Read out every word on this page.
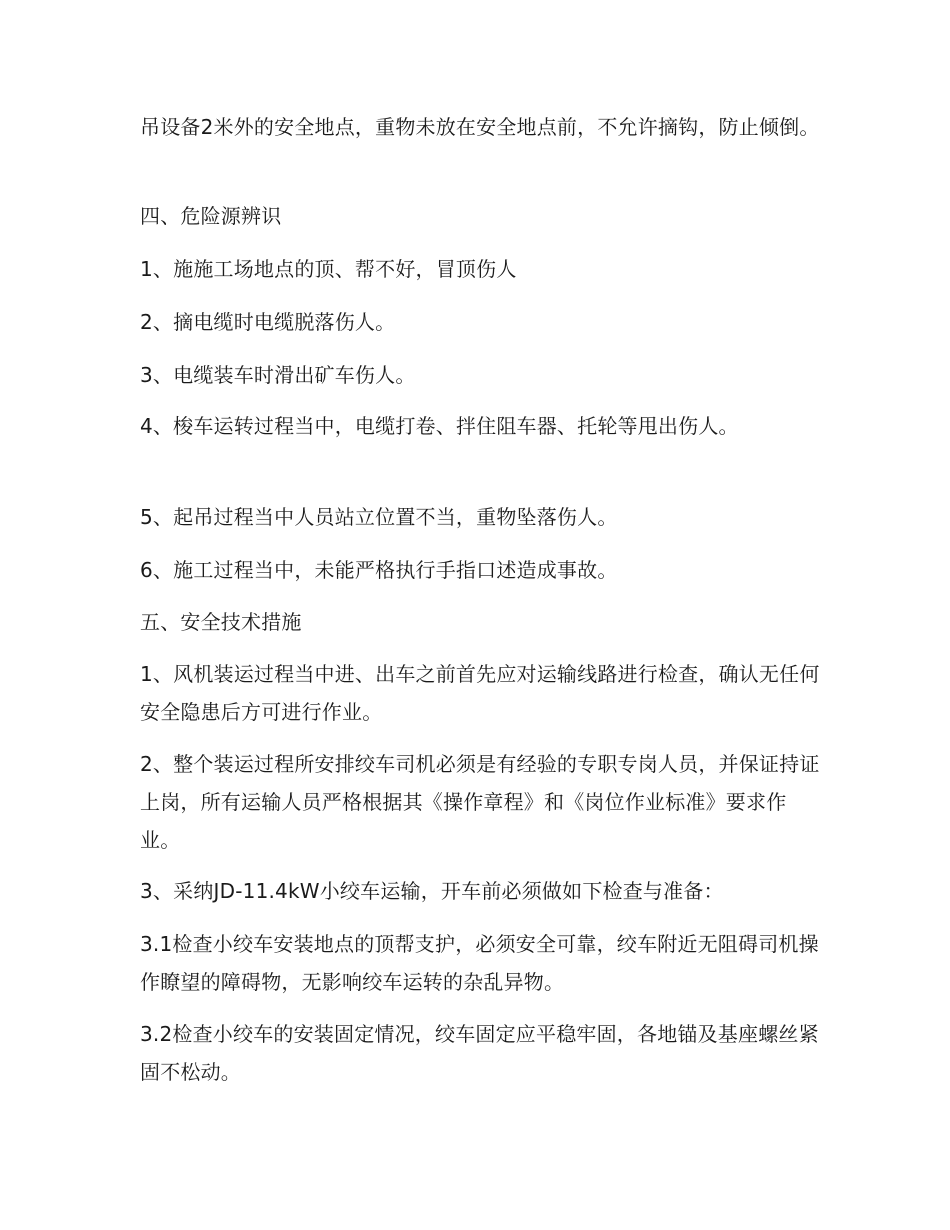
吊设备2米外的安全地点，重物未放在安全地点前，不允许摘钩，防止倾倒。

四、危险源辨识

1、施施工场地点的顶、帮不好，冒顶伤人

2、摘电缆时电缆脱落伤人。

3、电缆装车时滑出矿车伤人。

4、梭车运转过程当中，电缆打卷、拌住阻车器、托轮等甩出伤人。

5、起吊过程当中人员站立位置不当，重物坠落伤人。

6、施工过程当中，未能严格执行手指口述造成事故。

五、安全技术措施

1、风机装运过程当中进、出车之前首先应对运输线路进行检查，确认无任何安全隐患后方可进行作业。

2、整个装运过程所安排绞车司机必须是有经验的专职专岗人员，并保证持证上岗，所有运输人员严格根据其《操作章程》和《岗位作业标准》要求作业。

3、采纳JD-11.4kW小绞车运输，开车前必须做如下检查与准备：

3.1检查小绞车安装地点的顶帮支护，必须安全可靠，绞车附近无阻碍司机操作瞭望的障碍物，无影响绞车运转的杂乱异物。

3.2检查小绞车的安装固定情况，绞车固定应平稳牢固，各地锚及基座螺丝紧固不松动。
